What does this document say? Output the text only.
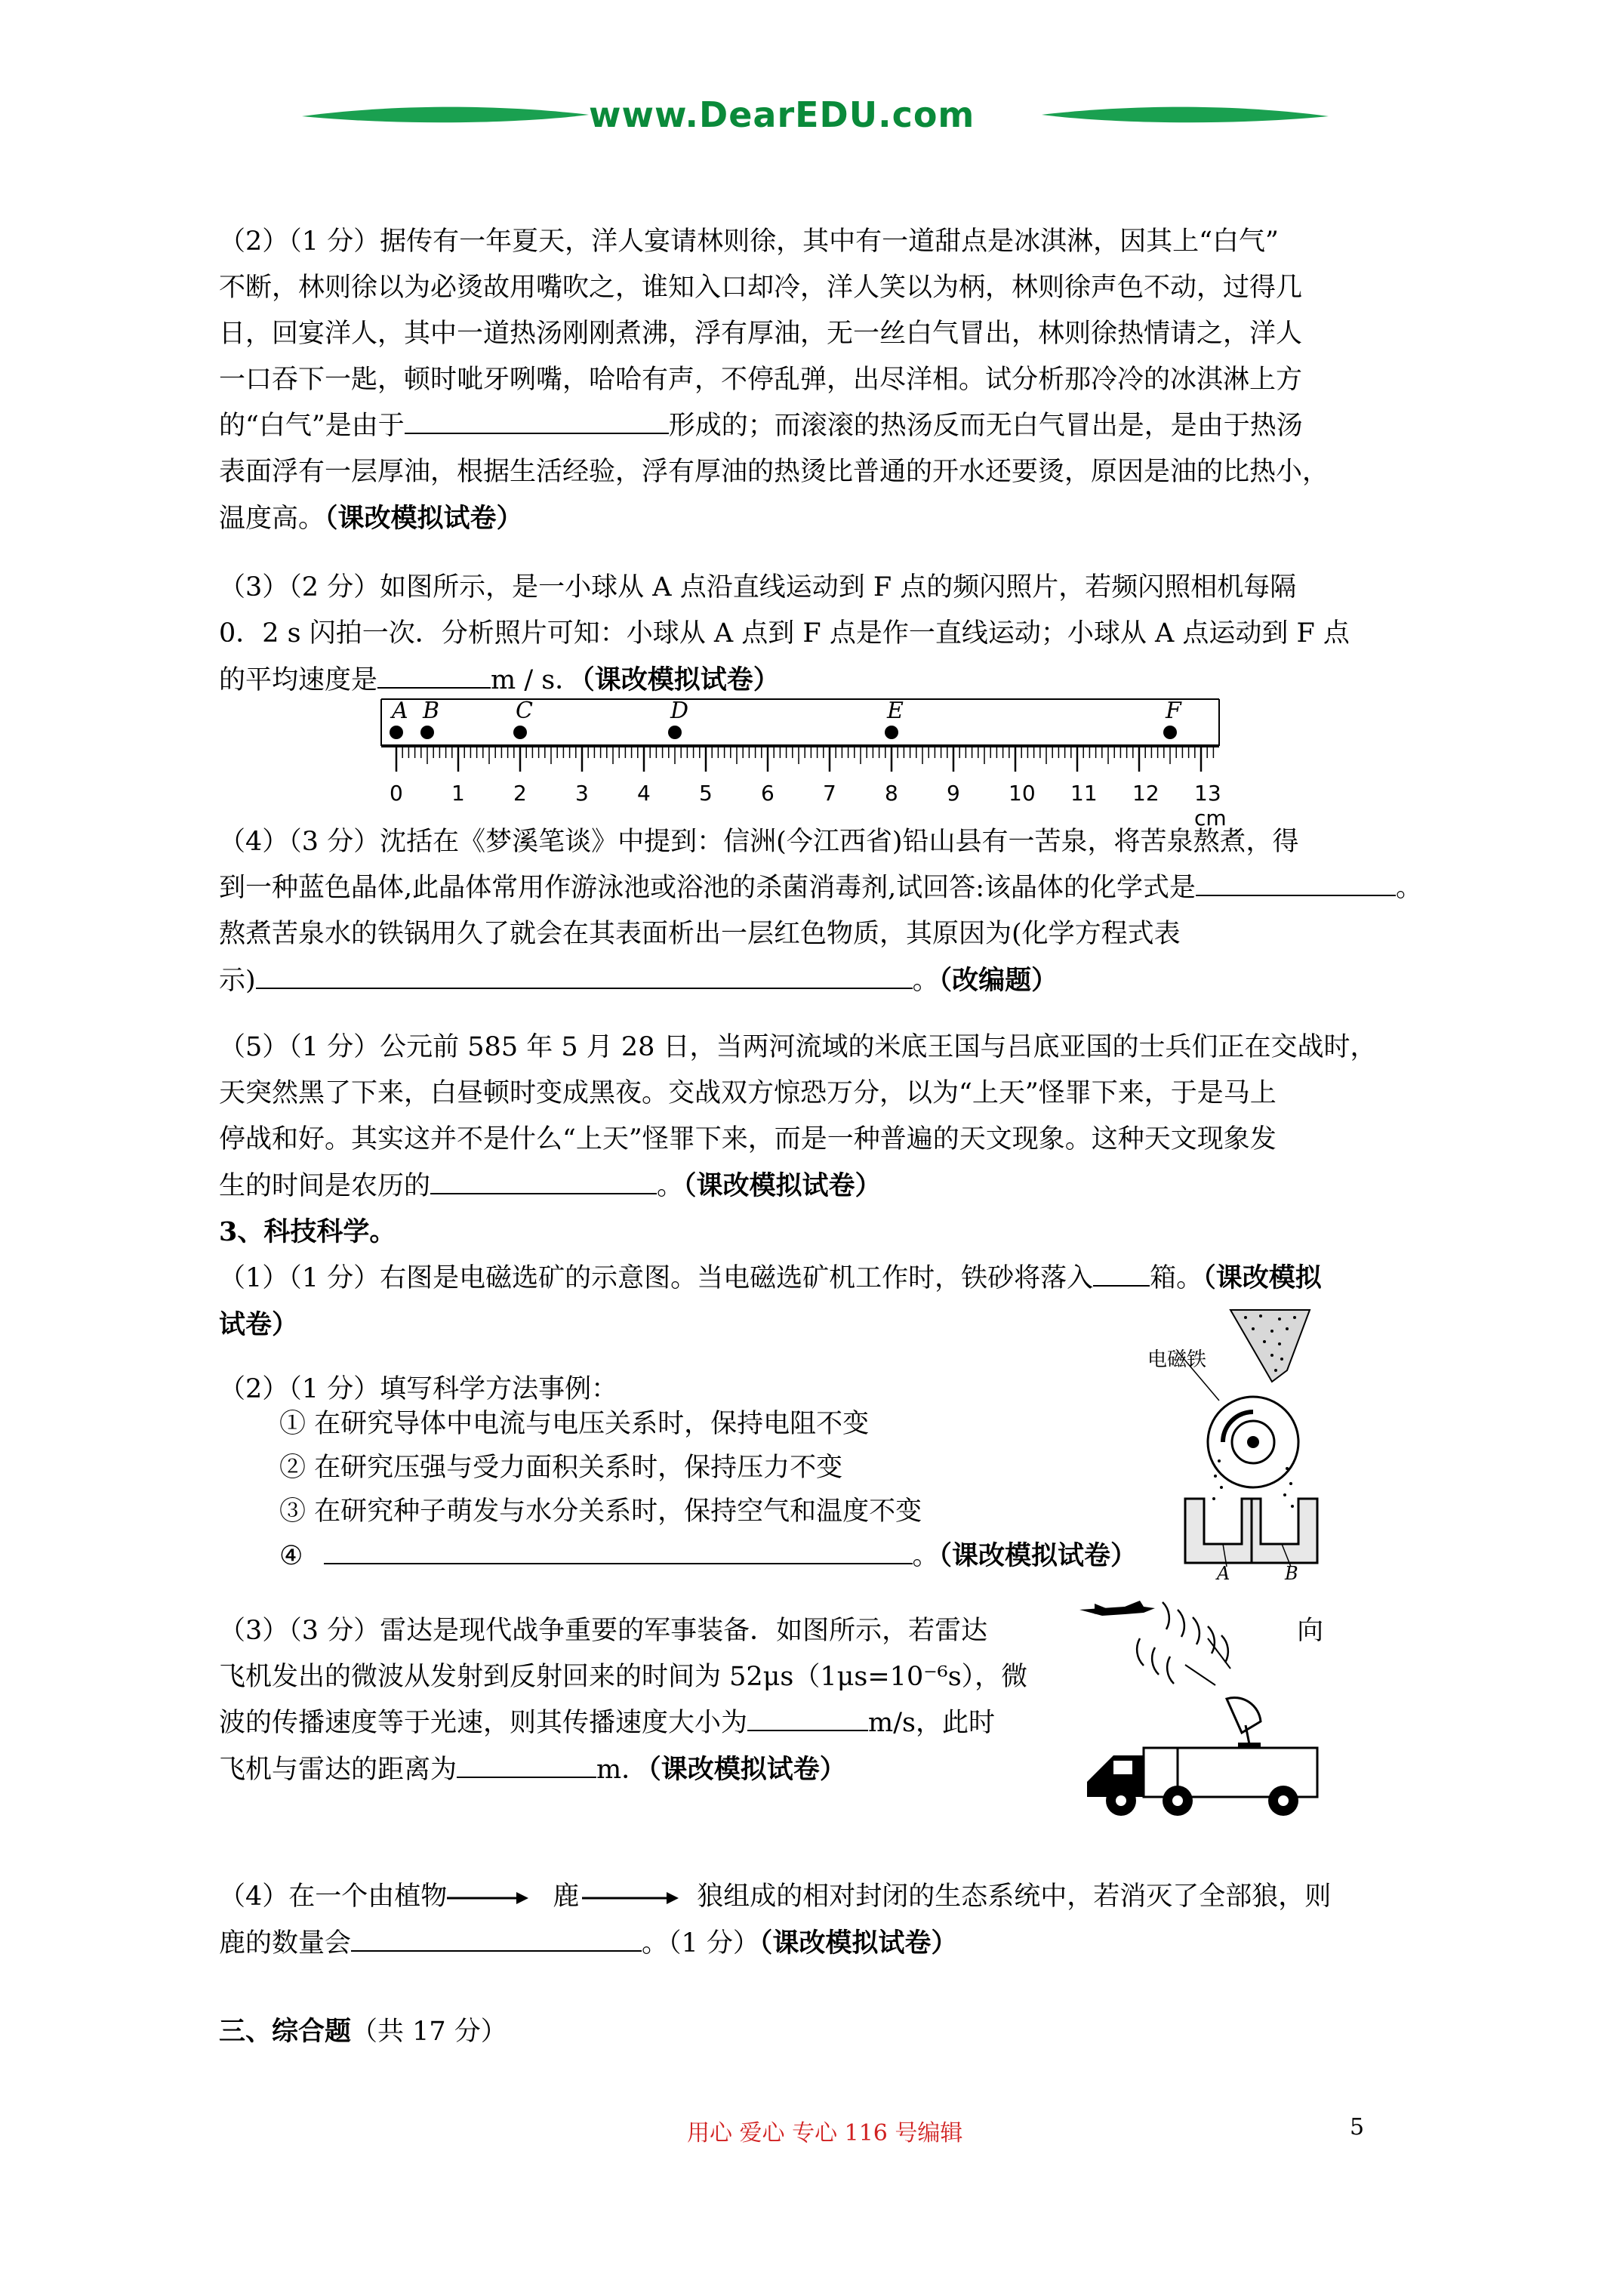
www.DearEDU.com

（2）（1 分）据传有一年夏天，洋人宴请林则徐，其中有一道甜点是冰淇淋，因其上“白气”

不断，林则徐以为必烫故用嘴吹之，谁知入口却冷，洋人笑以为柄，林则徐声色不动，过得几

日，回宴洋人，其中一道热汤刚刚煮沸，浮有厚油，无一丝白气冒出，林则徐热情请之，洋人

一口吞下一匙，顿时呲牙咧嘴，哈哈有声，不停乱弹，出尽洋相。试分析那冷冷的冰淇淋上方

的“白气”是由于	形成的；而滚滚的热汤反而无白气冒出是，是由于热汤

表面浮有一层厚油，根据生活经验，浮有厚油的热烫比普通的开水还要烫，原因是油的比热小，

温度高。（课改模拟试卷）

（3）（2 分）如图所示，是一小球从 A 点沿直线运动到 F 点的频闪照片，若频闪照相机每隔

0．2 s 闪拍一次．分析照片可知：小球从 A 点到 F 点是作一直线运动；小球从 A 点运动到 F 点

的平均速度是	m / s．（课改模拟试卷）

A B	C	D	E	F
0 1 2 3 4 5 6 7 8 9 10 11 12 13 cm

（4）（3 分）沈括在《梦溪笔谈》中提到：信洲(今江西省)铅山县有一苦泉，将苦泉熬煮，得

到一种蓝色晶体,此晶体常用作游泳池或浴池的杀菌消毒剂,试回答:该晶体的化学式是	。

熬煮苦泉水的铁锅用久了就会在其表面析出一层红色物质，其原因为(化学方程式表

示)	。（改编题）

（5）（1 分）公元前 585 年 5 月 28 日，当两河流域的米底王国与吕底亚国的士兵们正在交战时，

天突然黑了下来，白昼顿时变成黑夜。交战双方惊恐万分，以为“上天”怪罪下来，于是马上

停战和好。其实这并不是什么“上天”怪罪下来，而是一种普遍的天文现象。这种天文现象发

生的时间是农历的	。（课改模拟试卷）

3、科技科学。

（1）（1 分）右图是电磁选矿的示意图。当电磁选矿机工作时，铁砂将落入 箱。（课改模拟

试卷）

电磁铁
A	B

（2）（1 分）填写科学方法事例：

① 在研究导体中电流与电压关系时，保持电阻不变
② 在研究压强与受力面积关系时，保持压力不变
③ 在研究种子萌发与水分关系时，保持空气和温度不变
④	。（课改模拟试卷）

（3）（3 分）雷达是现代战争重要的军事装备．如图所示，若雷达	向

飞机发出的微波从发射到反射回来的时间为 52μs（1μs=10⁻⁶s），微

波的传播速度等于光速，则其传播速度大小为	m/s，此时

飞机与雷达的距离为	m．（课改模拟试卷）

（4）在一个由植物	鹿	狼组成的相对封闭的生态系统中，若消灭了全部狼，则

鹿的数量会	。（1 分）（课改模拟试卷）

三、综合题（共 17 分）

用心 爱心 专心 116 号编辑	5
